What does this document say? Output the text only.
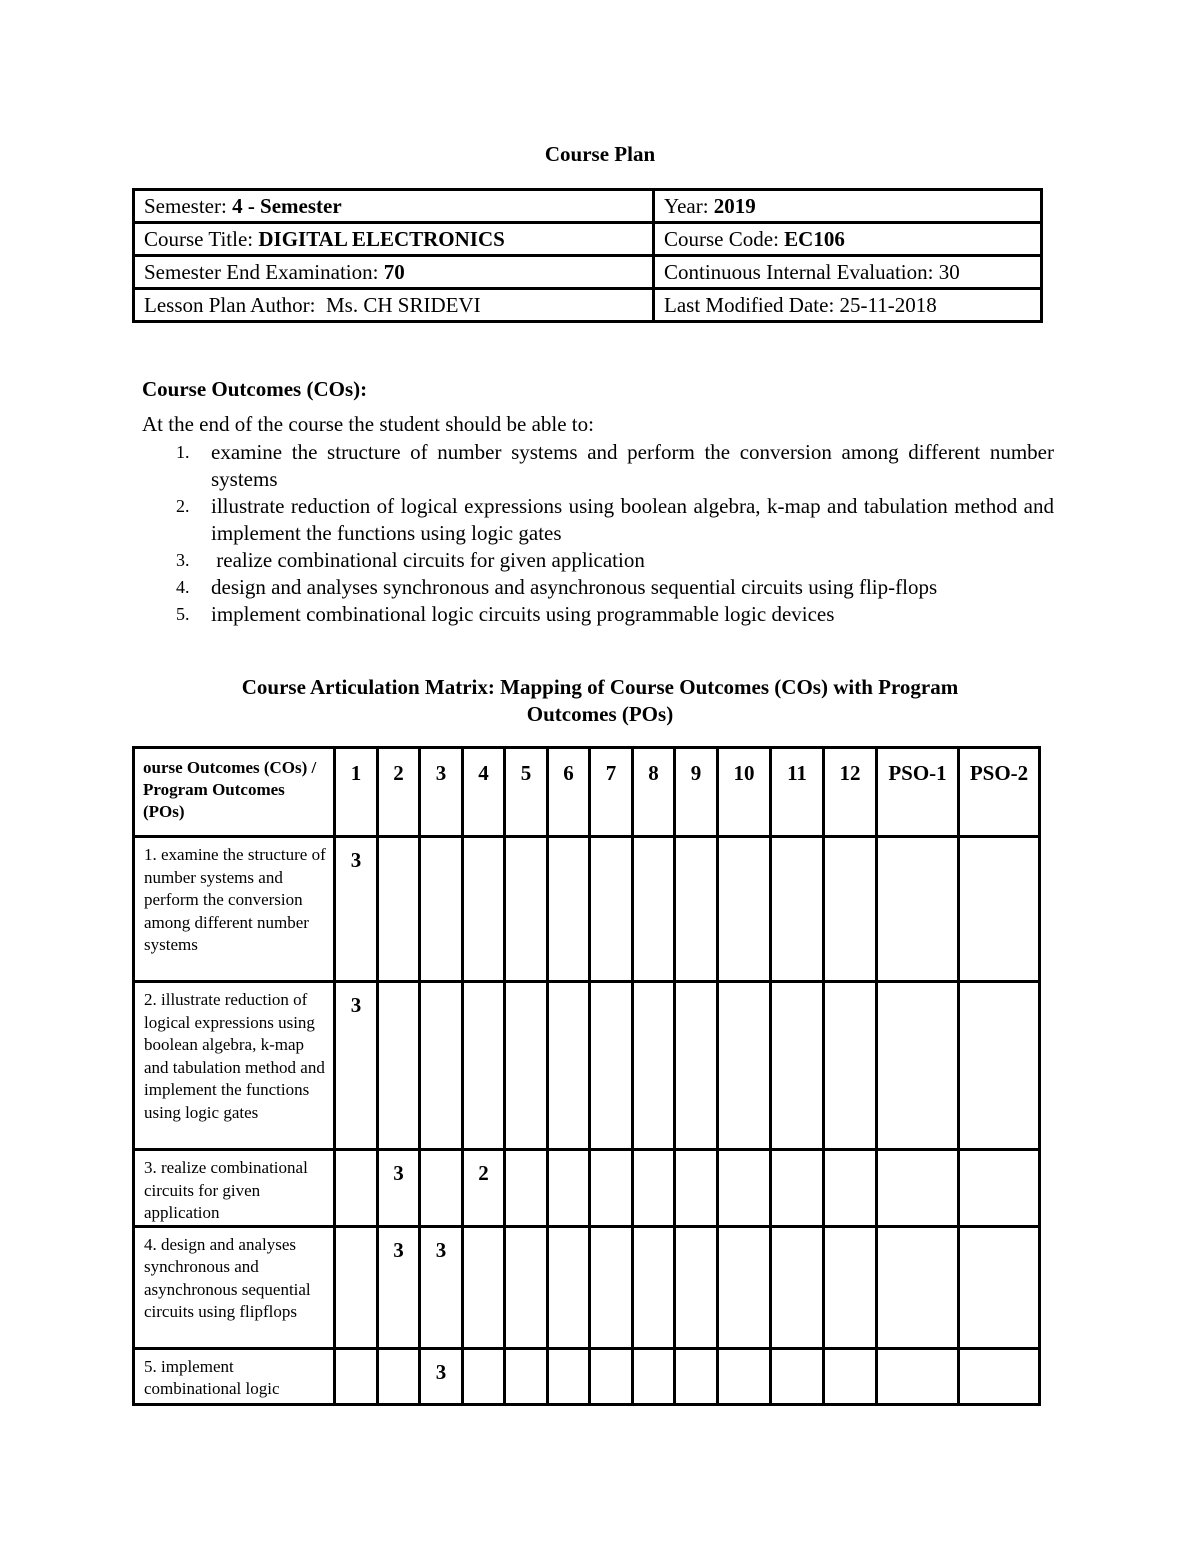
Course Plan
Semester: 4 - Semester	Year: 2019
Course Title: DIGITAL ELECTRONICS	Course Code: EC106
Semester End Examination: 70	Continuous Internal Evaluation: 30
Lesson Plan Author:  Ms. CH SRIDEVI	Last Modified Date: 25-11-2018
Course Outcomes (COs):
At the end of the course the student should be able to:
1. examine the structure of number systems and perform the conversion among different number systems
2. illustrate reduction of logical expressions using boolean algebra, k-map and tabulation method and implement the functions using logic gates
3. realize combinational circuits for given application
4. design and analyses synchronous and asynchronous sequential circuits using flip-flops
5. implement combinational logic circuits using programmable logic devices
Course Articulation Matrix: Mapping of Course Outcomes (COs) with Program
Outcomes (POs)
ourse Outcomes (COs) / Program Outcomes (POs)	1	2	3	4	5	6	7	8	9	10	11	12	PSO-1	PSO-2
1. examine the structure of number systems and perform the conversion among different number systems	3													
2. illustrate reduction of logical expressions using boolean algebra, k-map and tabulation method and implement the functions using logic gates	3													
3. realize combinational circuits for given application		3		2										
4. design and analyses synchronous and asynchronous sequential circuits using flipflops		3	3											
5. implement combinational logic			3											
